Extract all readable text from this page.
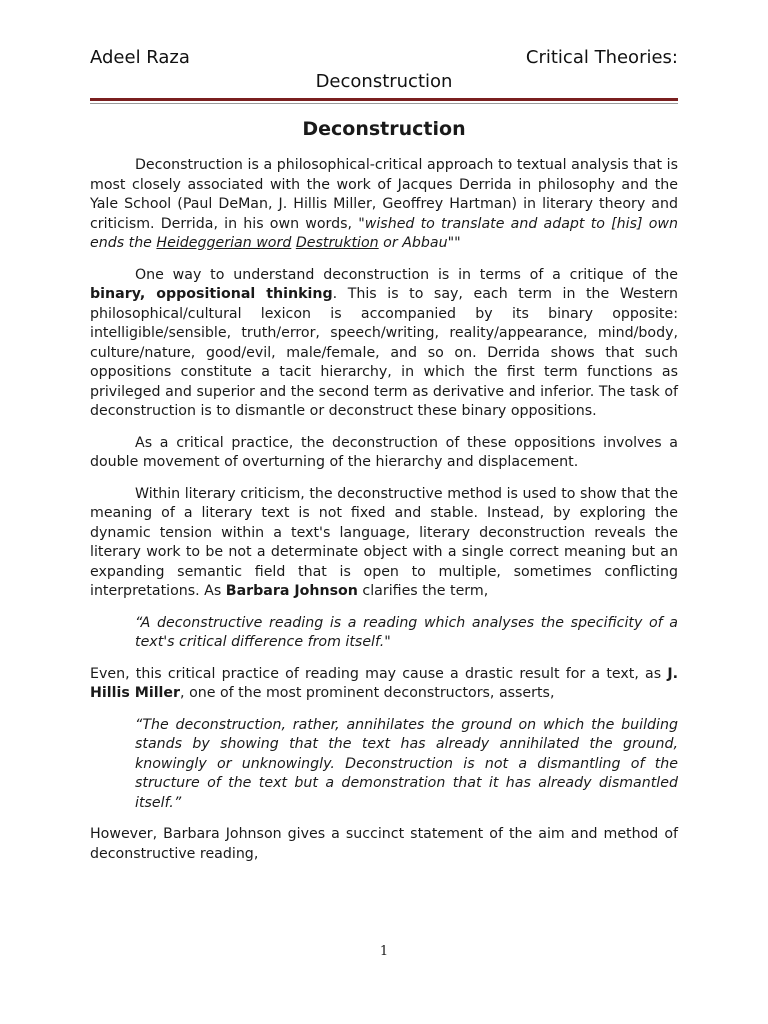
Adeel Raza	Critical Theories:
Deconstruction
Deconstruction

Deconstruction is a philosophical-critical approach to textual analysis that is most closely associated with the work of Jacques Derrida in philosophy and the Yale School (Paul DeMan, J. Hillis Miller, Geoffrey Hartman) in literary theory and criticism. Derrida, in his own words, "wished to translate and adapt to [his] own ends the Heideggerian word Destruktion or Abbau""

One way to understand deconstruction is in terms of a critique of the binary, oppositional thinking. This is to say, each term in the Western philosophical/cultural lexicon is accompanied by its binary opposite: intelligible/sensible, truth/error, speech/writing, reality/appearance, mind/body, culture/nature, good/evil, male/female, and so on. Derrida shows that such oppositions constitute a tacit hierarchy, in which the first term functions as privileged and superior and the second term as derivative and inferior. The task of deconstruction is to dismantle or deconstruct these binary oppositions.

As a critical practice, the deconstruction of these oppositions involves a double movement of overturning of the hierarchy and displacement.

Within literary criticism, the deconstructive method is used to show that the meaning of a literary text is not fixed and stable. Instead, by exploring the dynamic tension within a text's language, literary deconstruction reveals the literary work to be not a determinate object with a single correct meaning but an expanding semantic field that is open to multiple, sometimes conflicting interpretations. As Barbara Johnson clarifies the term,

“A deconstructive reading is a reading which analyses the specificity of a text's critical difference from itself."

Even, this critical practice of reading may cause a drastic result for a text, as J. Hillis Miller, one of the most prominent deconstructors, asserts,

“The deconstruction, rather, annihilates the ground on which the building stands by showing that the text has already annihilated the ground, knowingly or unknowingly. Deconstruction is not a dismantling of the structure of the text but a demonstration that it has already dismantled itself.”

However, Barbara Johnson gives a succinct statement of the aim and method of deconstructive reading,

1
